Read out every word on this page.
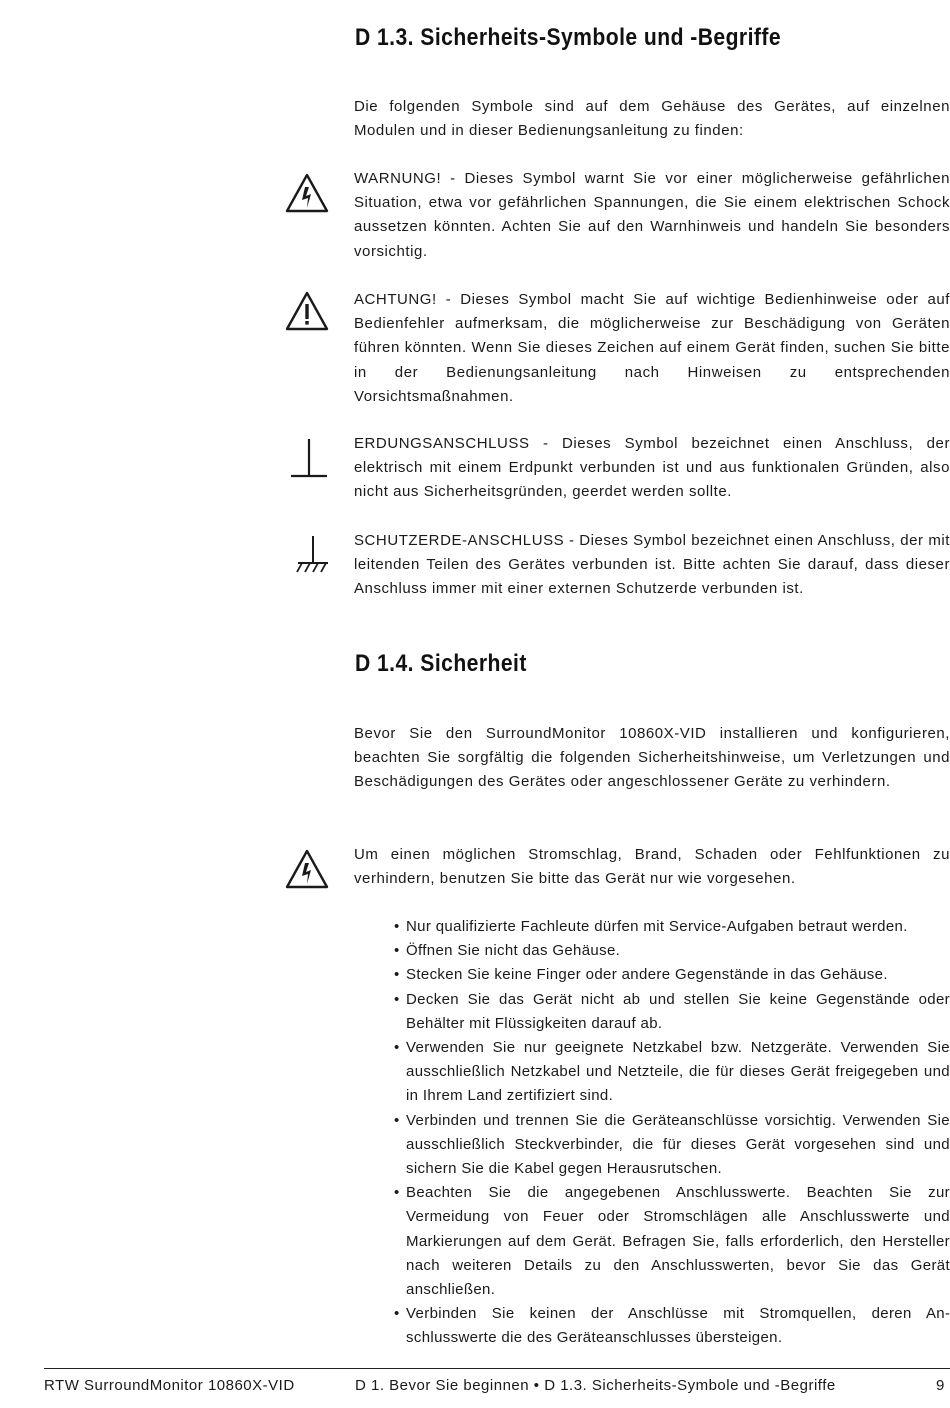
D 1.3. Sicherheits-Symbole und -Begriffe

Die folgenden Symbole sind auf dem Gehäuse des Gerätes, auf einzelnen Modulen und in dieser Bedienungsanleitung zu finden:

WARNUNG! - Dieses Symbol warnt Sie vor einer möglicherweise gefährlichen Situation, etwa vor gefährlichen Spannungen, die Sie einem elektrischen Schock aussetzen könnten. Achten Sie auf den Warnhinweis und handeln Sie besonders vorsichtig.

ACHTUNG! - Dieses Symbol macht Sie auf wichtige Bedienhinweise oder auf Bedienfehler aufmerksam, die möglicherweise zur Beschädigung von Geräten führen könnten. Wenn Sie dieses Zeichen auf einem Gerät finden, suchen Sie bitte in der Bedienungsanleitung nach Hinweisen zu entsprechenden Vorsichtsmaßnahmen.

ERDUNGSANSCHLUSS - Dieses Symbol bezeichnet einen Anschluss, der elektrisch mit einem Erdpunkt verbunden ist und aus funktionalen Gründen, also nicht aus Sicherheitsgründen, geerdet werden sollte.

SCHUTZERDE-ANSCHLUSS - Dieses Symbol bezeichnet einen Anschluss, der mit leitenden Teilen des Gerätes verbunden ist. Bitte achten Sie darauf, dass dieser Anschluss immer mit einer externen Schutzerde verbunden ist.

D 1.4. Sicherheit

Bevor Sie den SurroundMonitor 10860X-VID installieren und konfigurieren, beachten Sie sorgfältig die folgenden Sicherheitshinweise, um Verletzungen und Beschädigungen des Gerätes oder angeschlossener Geräte zu verhindern.

Um einen möglichen Stromschlag, Brand, Schaden oder Fehlfunktionen zu verhindern, benutzen Sie bitte das Gerät nur wie vorgesehen.

• Nur qualifizierte Fachleute dürfen mit Service-Aufgaben betraut werden.
• Öffnen Sie nicht das Gehäuse.
• Stecken Sie keine Finger oder andere Gegenstände in das Gehäuse.
• Decken Sie das Gerät nicht ab und stellen Sie keine Gegenstände oder Behälter mit Flüssigkeiten darauf ab.
• Verwenden Sie nur geeignete Netzkabel bzw. Netzgeräte. Verwenden Sie ausschließlich Netzkabel und Netzteile, die für dieses Gerät freigegeben und in Ihrem Land zertifiziert sind.
• Verbinden und trennen Sie die Geräteanschlüsse vorsichtig. Verwenden Sie ausschließlich Steckverbinder, die für dieses Gerät vorgesehen sind und sichern Sie die Kabel gegen Herausrutschen.
• Beachten Sie die angegebenen Anschlusswerte. Beachten Sie zur Vermeidung von Feuer oder Stromschlägen alle Anschlusswerte und Markierungen auf dem Gerät. Befragen Sie, falls erforderlich, den Hersteller nach weiteren Details zu den Anschlusswerten, bevor Sie das Gerät anschließen.
• Verbinden Sie keinen der Anschlüsse mit Stromquellen, deren Anschlusswerte die des Geräteanschlusses übersteigen.
RTW SurroundMonitor 10860X-VID	D 1. Bevor Sie beginnen • D 1.3. Sicherheits-Symbole und -Begriffe	9
